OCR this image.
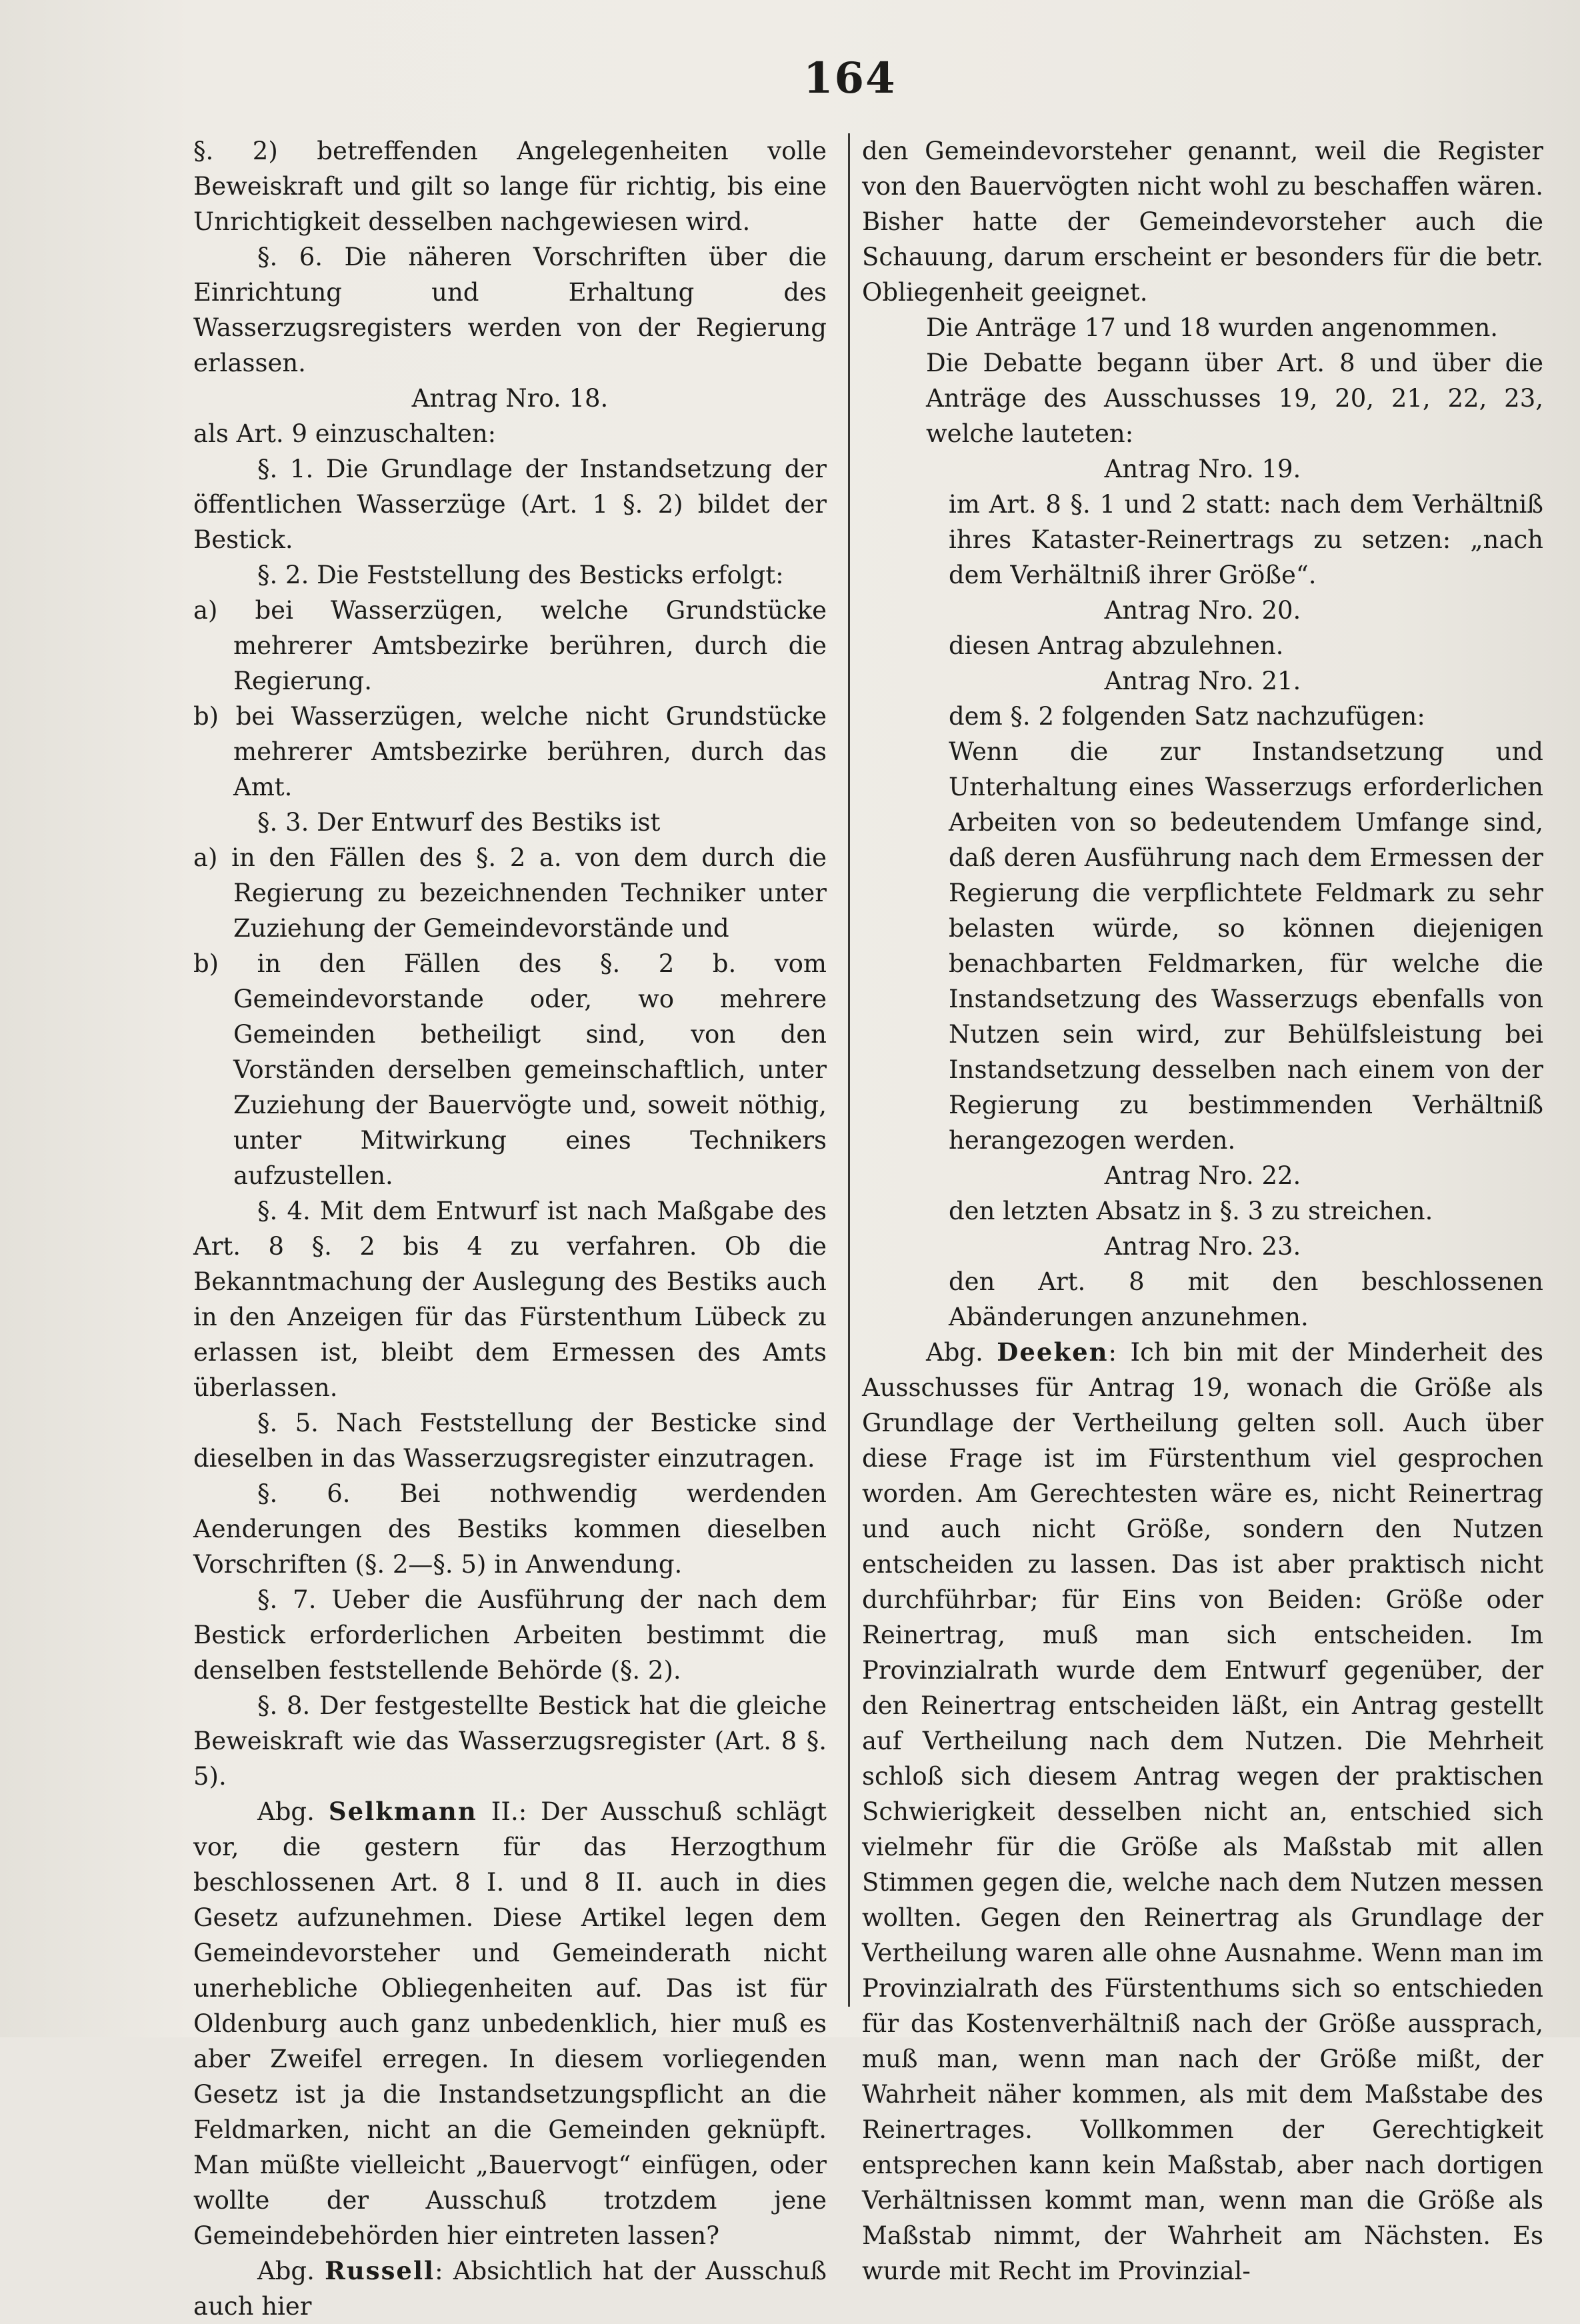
164

§. 2) betreffenden Angelegenheiten volle Beweiskraft und gilt so lange für richtig, bis eine Unrichtigkeit desselben nachgewiesen wird.

§. 6. Die näheren Vorschriften über die Einrichtung und Erhaltung des Wasserzugsregisters werden von der Regierung erlassen.

Antrag Nro. 18.

als Art. 9 einzuschalten:

§. 1. Die Grundlage der Instandsetzung der öffentlichen Wasserzüge (Art. 1 §. 2) bildet der Bestick.

§. 2. Die Feststellung des Besticks erfolgt:

a) bei Wasserzügen, welche Grundstücke mehrerer Amtsbezirke berühren, durch die Regierung.

b) bei Wasserzügen, welche nicht Grundstücke mehrerer Amtsbezirke berühren, durch das Amt.

§. 3. Der Entwurf des Bestiks ist

a) in den Fällen des §. 2 a. von dem durch die Regierung zu bezeichnenden Techniker unter Zuziehung der Gemeindevorstände und

b) in den Fällen des §. 2 b. vom Gemeindevorstande oder, wo mehrere Gemeinden betheiligt sind, von den Vorständen derselben gemeinschaftlich, unter Zuziehung der Bauervögte und, soweit nöthig, unter Mitwirkung eines Technikers aufzustellen.

§. 4. Mit dem Entwurf ist nach Maßgabe des Art. 8 §. 2 bis 4 zu verfahren. Ob die Bekanntmachung der Auslegung des Bestiks auch in den Anzeigen für das Fürstenthum Lübeck zu erlassen ist, bleibt dem Ermessen des Amts überlassen.

§. 5. Nach Feststellung der Besticke sind dieselben in das Wasserzugsregister einzutragen.

§. 6. Bei nothwendig werdenden Aenderungen des Bestiks kommen dieselben Vorschriften (§. 2—§. 5) in Anwendung.

§. 7. Ueber die Ausführung der nach dem Bestick erforderlichen Arbeiten bestimmt die denselben feststellende Behörde (§. 2).

§. 8. Der festgestellte Bestick hat die gleiche Beweiskraft wie das Wasserzugsregister (Art. 8 §. 5).

Abg. Selkmann II.: Der Ausschuß schlägt vor, die gestern für das Herzogthum beschlossenen Art. 8 I. und 8 II. auch in dies Gesetz aufzunehmen. Diese Artikel legen dem Gemeindevorsteher und Gemeinderath nicht unerhebliche Obliegenheiten auf. Das ist für Oldenburg auch ganz unbedenklich, hier muß es aber Zweifel erregen. In diesem vorliegenden Gesetz ist ja die Instandsetzungspflicht an die Feldmarken, nicht an die Gemeinden geknüpft. Man müßte vielleicht „Bauervogt“ einfügen, oder wollte der Ausschuß trotzdem jene Gemeindebehörden hier eintreten lassen?

Abg. Russell: Absichtlich hat der Ausschuß auch hier

den Gemeindevorsteher genannt, weil die Register von den Bauervögten nicht wohl zu beschaffen wären. Bisher hatte der Gemeindevorsteher auch die Schauung, darum erscheint er besonders für die betr. Obliegenheit geeignet.

Die Anträge 17 und 18 wurden angenommen.

Die Debatte begann über Art. 8 und über die Anträge des Ausschusses 19, 20, 21, 22, 23, welche lauteten:

Antrag Nro. 19.

im Art. 8 §. 1 und 2 statt: nach dem Verhältniß ihres Kataster-Reinertrags zu setzen: „nach dem Verhältniß ihrer Größe“.

Antrag Nro. 20.

diesen Antrag abzulehnen.

Antrag Nro. 21.

dem §. 2 folgenden Satz nachzufügen:

Wenn die zur Instandsetzung und Unterhaltung eines Wasserzugs erforderlichen Arbeiten von so bedeutendem Umfange sind, daß deren Ausführung nach dem Ermessen der Regierung die verpflichtete Feldmark zu sehr belasten würde, so können diejenigen benachbarten Feldmarken, für welche die Instandsetzung des Wasserzugs ebenfalls von Nutzen sein wird, zur Behülfsleistung bei Instandsetzung desselben nach einem von der Regierung zu bestimmenden Verhältniß herangezogen werden.

Antrag Nro. 22.

den letzten Absatz in §. 3 zu streichen.

Antrag Nro. 23.

den Art. 8 mit den beschlossenen Abänderungen anzunehmen.

Abg. Deeken: Ich bin mit der Minderheit des Ausschusses für Antrag 19, wonach die Größe als Grundlage der Vertheilung gelten soll. Auch über diese Frage ist im Fürstenthum viel gesprochen worden. Am Gerechtesten wäre es, nicht Reinertrag und auch nicht Größe, sondern den Nutzen entscheiden zu lassen. Das ist aber praktisch nicht durchführbar; für Eins von Beiden: Größe oder Reinertrag, muß man sich entscheiden. Im Provinzialrath wurde dem Entwurf gegenüber, der den Reinertrag entscheiden läßt, ein Antrag gestellt auf Vertheilung nach dem Nutzen. Die Mehrheit schloß sich diesem Antrag wegen der praktischen Schwierigkeit desselben nicht an, entschied sich vielmehr für die Größe als Maßstab mit allen Stimmen gegen die, welche nach dem Nutzen messen wollten. Gegen den Reinertrag als Grundlage der Vertheilung waren alle ohne Ausnahme. Wenn man im Provinzialrath des Fürstenthums sich so entschieden für das Kostenverhältniß nach der Größe aussprach, muß man, wenn man nach der Größe mißt, der Wahrheit näher kommen, als mit dem Maßstabe des Reinertrages. Vollkommen der Gerechtigkeit entsprechen kann kein Maßstab, aber nach dortigen Verhältnissen kommt man, wenn man die Größe als Maßstab nimmt, der Wahrheit am Nächsten. Es wurde mit Recht im Provinzial-
